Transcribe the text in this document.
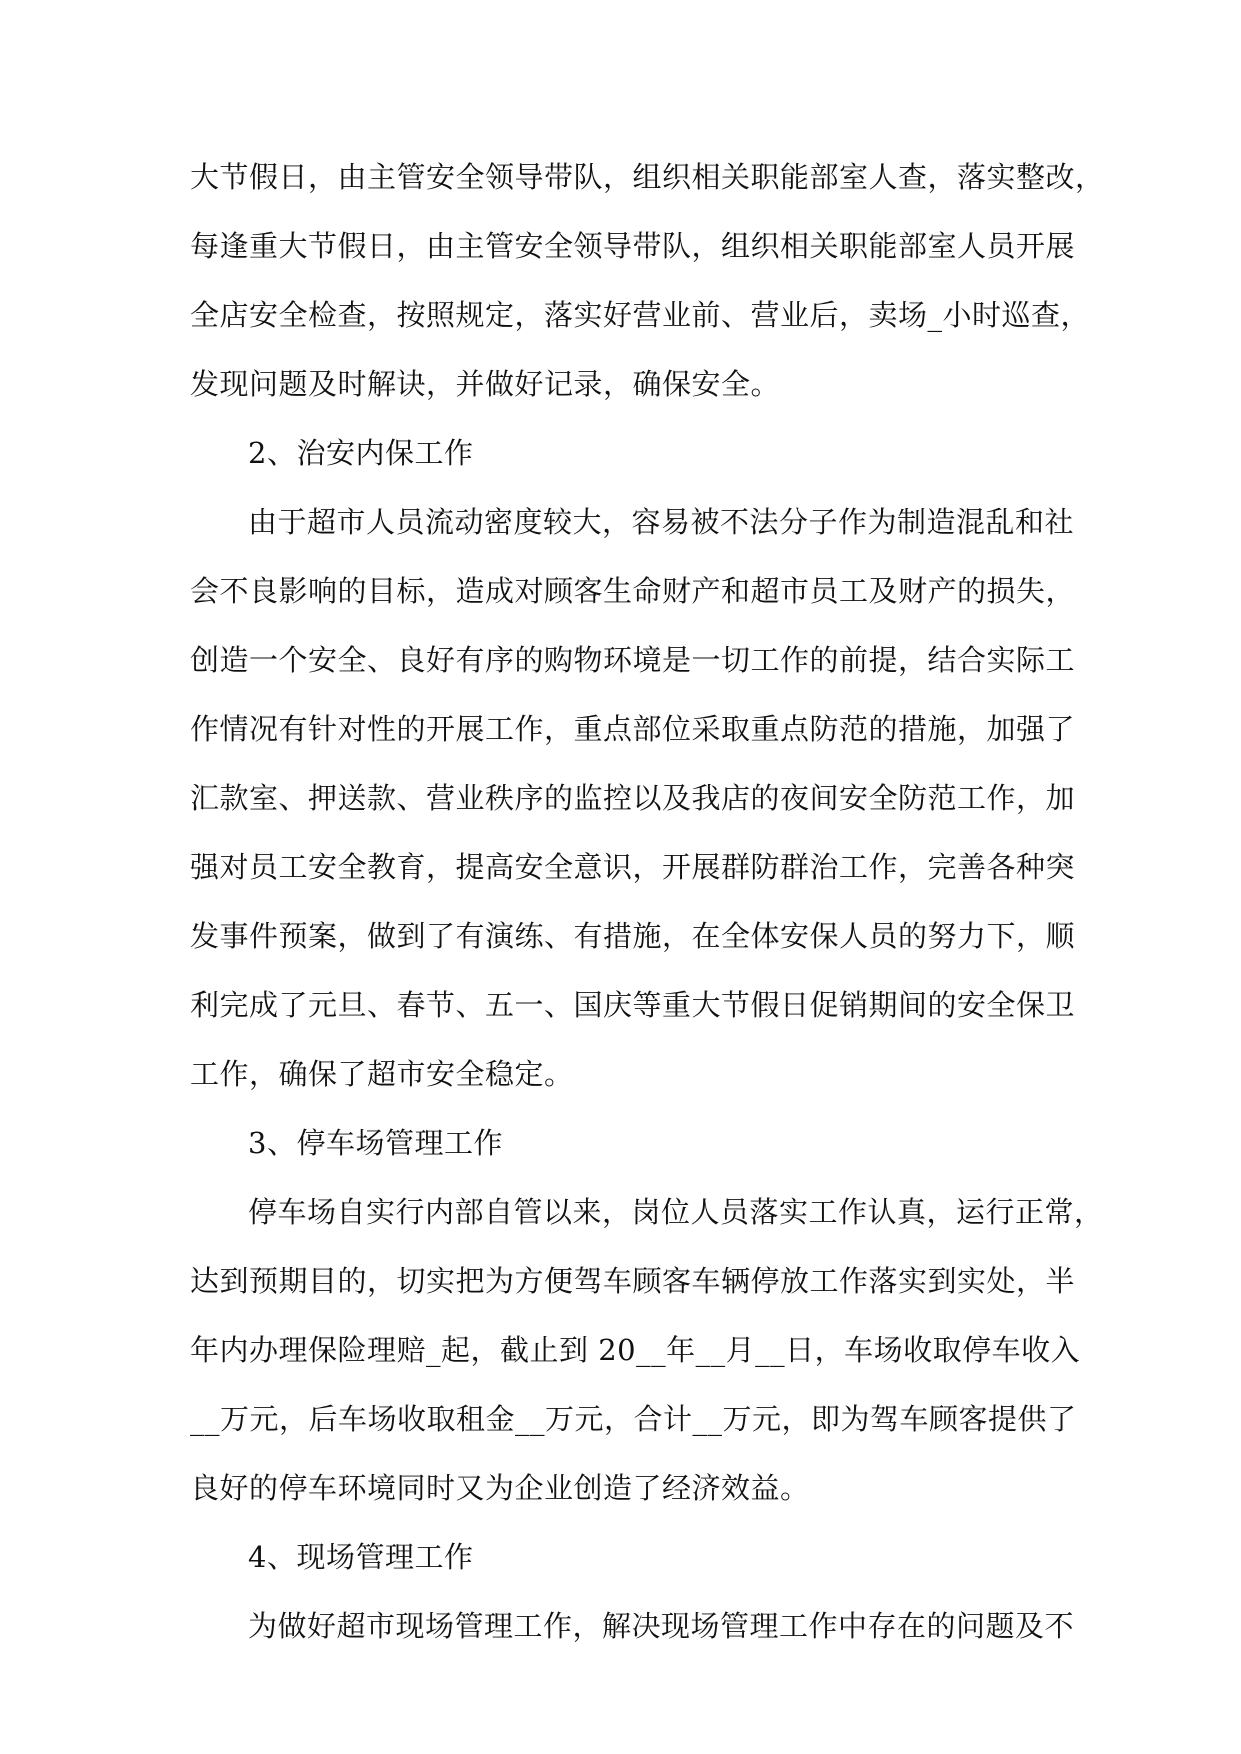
大节假日，由主管安全领导带队，组织相关职能部室人查，落实整改，

每逢重大节假日，由主管安全领导带队，组织相关职能部室人员开展

全店安全检查，按照规定，落实好营业前、营业后，卖场_小时巡查，

发现问题及时解诀，并做好记录，确保安全。

2、治安内保工作

由于超市人员流动密度较大，容易被不法分子作为制造混乱和社

会不良影响的目标，造成对顾客生命财产和超市员工及财产的损失，

创造一个安全、良好有序的购物环境是一切工作的前提，结合实际工

作情况有针对性的开展工作，重点部位采取重点防范的措施，加强了

汇款室、押送款、营业秩序的监控以及我店的夜间安全防范工作，加

强对员工安全教育，提高安全意识，开展群防群治工作，完善各种突

发事件预案，做到了有演练、有措施，在全体安保人员的努力下，顺

利完成了元旦、春节、五一、国庆等重大节假日促销期间的安全保卫

工作，确保了超市安全稳定。

3、停车场管理工作

停车场自实行内部自管以来，岗位人员落实工作认真，运行正常，

达到预期目的，切实把为方便驾车顾客车辆停放工作落实到实处，半

年内办理保险理赔_起，截止到 20__年__月__日，车场收取停车收入

__万元，后车场收取租金__万元，合计__万元，即为驾车顾客提供了

良好的停车环境同时又为企业创造了经济效益。

4、现场管理工作

为做好超市现场管理工作，解决现场管理工作中存在的问题及不
